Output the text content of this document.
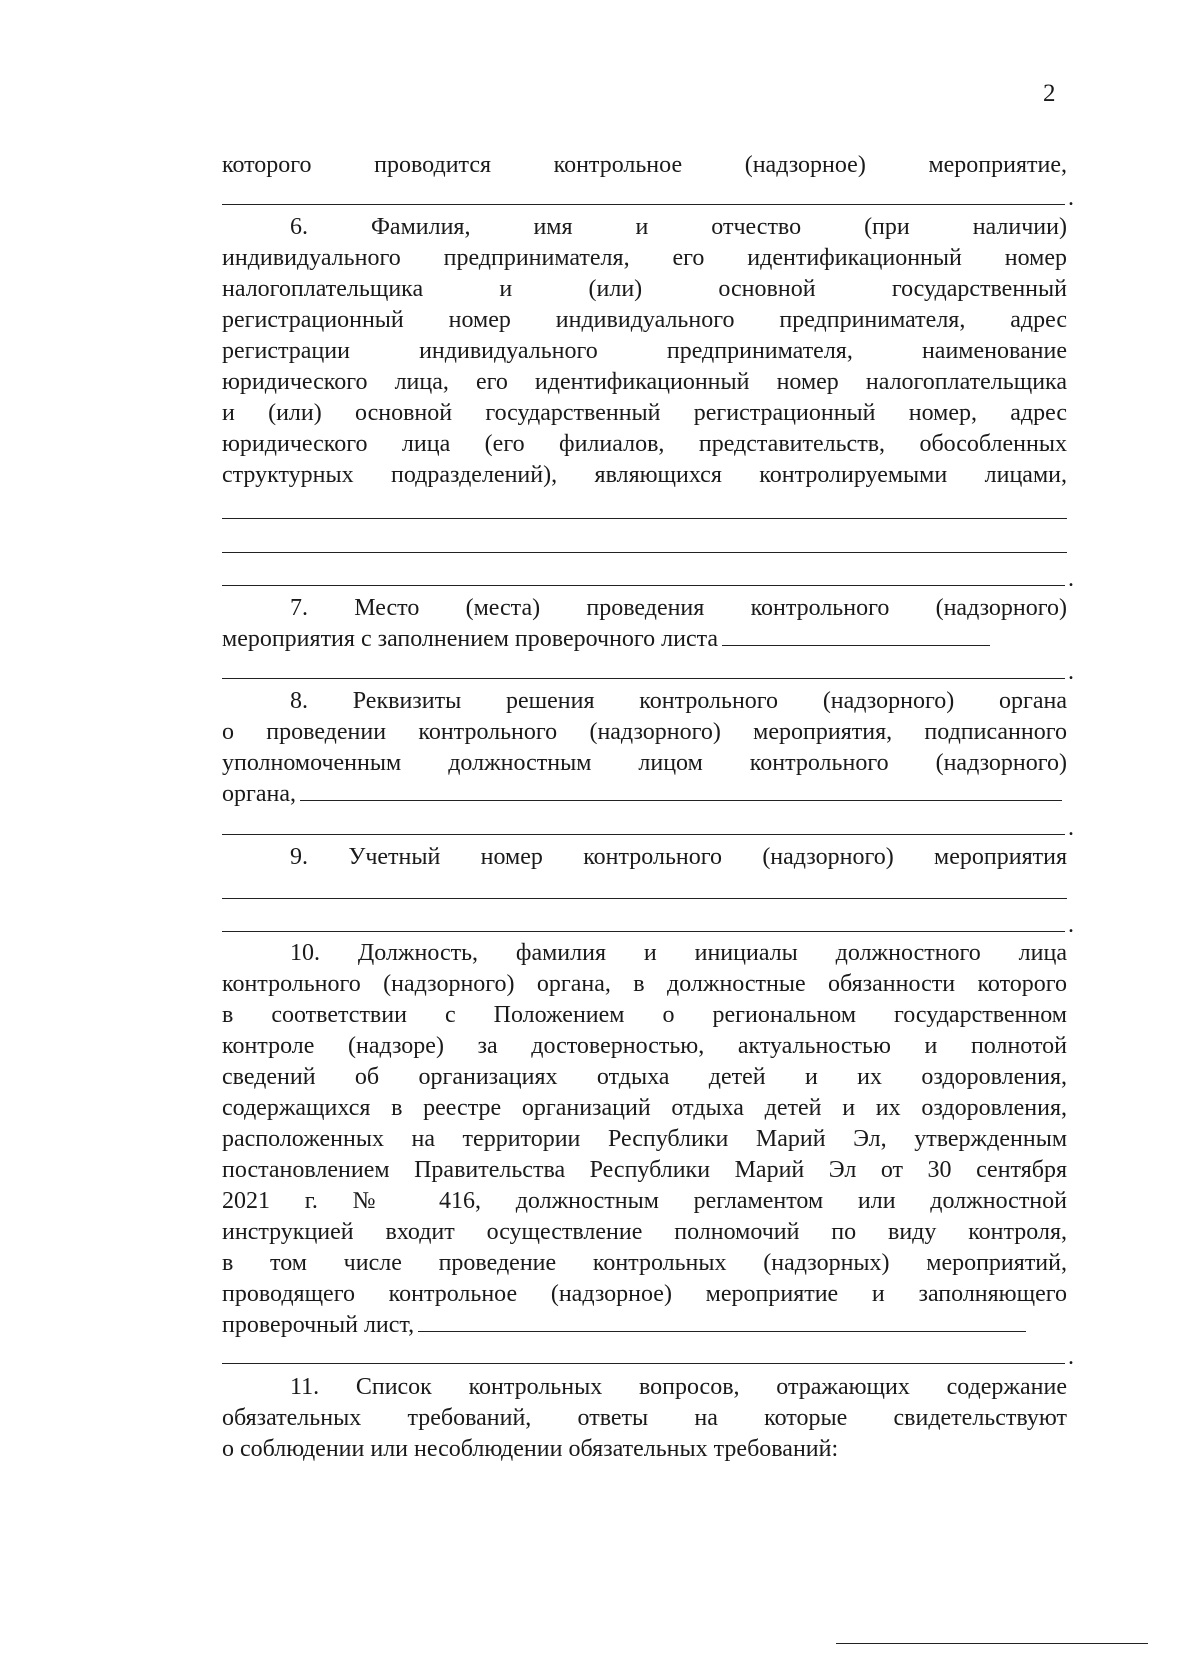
2
которого проводится контрольное (надзорное) мероприятие,
.
6. Фамилия, имя и отчество (при наличии)
индивидуального предпринимателя, его идентификационный номер
налогоплательщика и (или) основной государственный
регистрационный номер индивидуального предпринимателя, адрес
регистрации индивидуального предпринимателя, наименование
юридического лица, его идентификационный номер налогоплательщика
и (или) основной государственный регистрационный номер, адрес
юридического лица (его филиалов, представительств, обособленных
структурных подразделений), являющихся контролируемыми лицами,
.
7. Место (места) проведения контрольного (надзорного)
мероприятия с заполнением проверочного листа
.
8. Реквизиты решения контрольного (надзорного) органа
о проведении контрольного (надзорного) мероприятия, подписанного
уполномоченным должностным лицом контрольного (надзорного)
органа,
.
9. Учетный номер контрольного (надзорного) мероприятия
.
10. Должность, фамилия и инициалы должностного лица
контрольного (надзорного) органа, в должностные обязанности которого
в соответствии с Положением о региональном государственном
контроле (надзоре) за достоверностью, актуальностью и полнотой
сведений об организациях отдыха детей и их оздоровления,
содержащихся в реестре организаций отдыха детей и их оздоровления,
расположенных на территории Республики Марий Эл, утвержденным
постановлением Правительства Республики Марий Эл от 30 сентября
2021 г. № 416, должностным регламентом или должностной
инструкцией входит осуществление полномочий по виду контроля,
в том числе проведение контрольных (надзорных) мероприятий,
проводящего контрольное (надзорное) мероприятие и заполняющего
проверочный лист,
.
11. Список контрольных вопросов, отражающих содержание
обязательных требований, ответы на которые свидетельствуют
о соблюдении или несоблюдении обязательных требований:
